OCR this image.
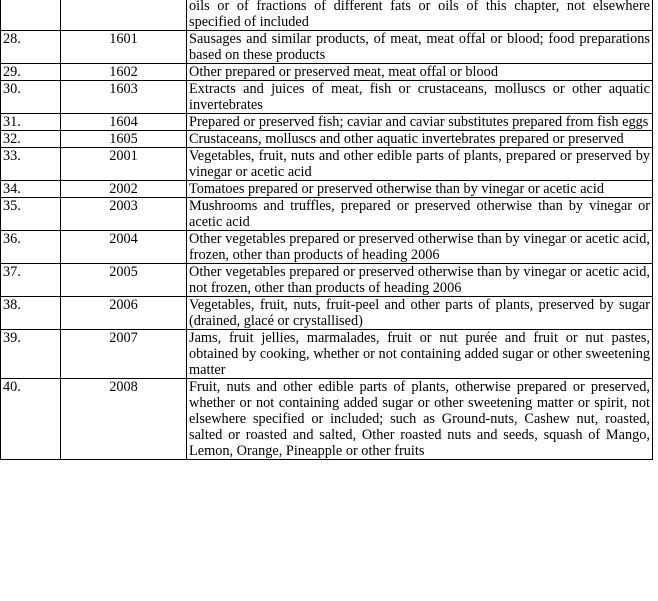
		oils or of fractions of different fats or oils of this chapter, not elsewhere specified of included
28.	1601	Sausages and similar products, of meat, meat offal or blood; food preparations based on these products
29.	1602	Other prepared or preserved meat, meat offal or blood
30.	1603	Extracts and juices of meat, fish or crustaceans, molluscs or other aquatic invertebrates
31.	1604	Prepared or preserved fish; caviar and caviar substitutes prepared from fish eggs
32.	1605	Crustaceans, molluscs and other aquatic invertebrates prepared or preserved
33.	2001	Vegetables, fruit, nuts and other edible parts of plants, prepared or preserved by vinegar or acetic acid
34.	2002	Tomatoes prepared or preserved otherwise than by vinegar or acetic acid
35.	2003	Mushrooms and truffles, prepared or preserved otherwise than by vinegar or acetic acid
36.	2004	Other vegetables prepared or preserved otherwise than by vinegar or acetic acid, frozen, other than products of heading 2006
37.	2005	Other vegetables prepared or preserved otherwise than by vinegar or acetic acid, not frozen, other than products of heading 2006
38.	2006	Vegetables, fruit, nuts, fruit-peel and other parts of plants, preserved by sugar (drained, glacé or crystallised)
39.	2007	Jams, fruit jellies, marmalades, fruit or nut purée and fruit or nut pastes, obtained by cooking, whether or not containing added sugar or other sweetening matter
40.	2008	Fruit, nuts and other edible parts of plants, otherwise prepared or preserved, whether or not containing added sugar or other sweetening matter or spirit, not elsewhere specified or included; such as Ground-nuts, Cashew nut, roasted, salted or roasted and salted, Other roasted nuts and seeds, squash of Mango, Lemon, Orange, Pineapple or other fruits
